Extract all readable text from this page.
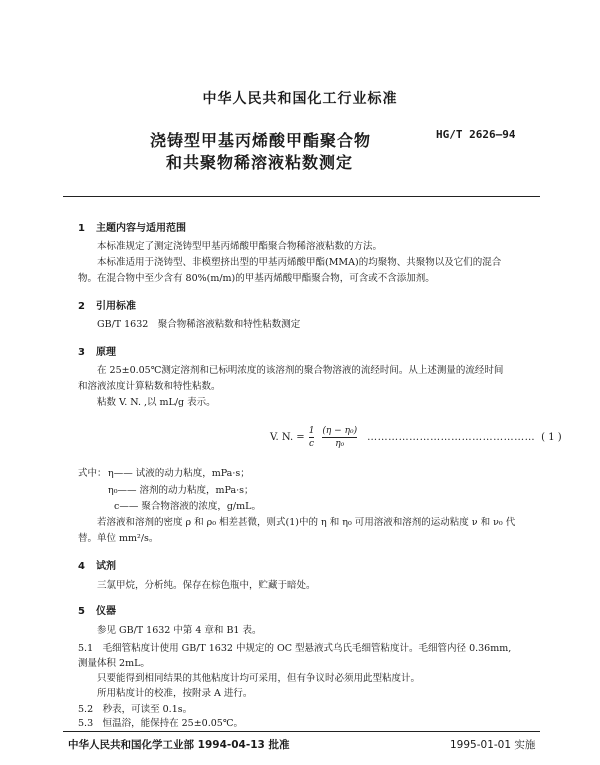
中华人民共和国化工行业标准
浇铸型甲基丙烯酸甲酯聚合物
和共聚物稀溶液粘数测定
HG/T 2626—94
1 主题内容与适用范围
本标准规定了测定浇铸型甲基丙烯酸甲酯聚合物稀溶液粘数的方法。
本标准适用于浇铸型、非模塑挤出型的甲基丙烯酸甲酯(MMA)的均聚物、共聚物以及它们的混合
物。在混合物中至少含有 80%(m/m)的甲基丙烯酸甲酯聚合物，可含或不含添加剂。
2 引用标准
GB/T 1632　聚合物稀溶液粘数和特性粘数测定
3 原理
在 25±0.05℃测定溶剂和已标明浓度的该溶剂的聚合物溶液的流经时间。从上述测量的流经时间
和溶液浓度计算粘数和特性粘数。
粘数 V. N. ,以 mL/g 表示。
V. N. = $\frac{1}{c} \frac{\text{(η − η₀)}}{\text{η₀}}$ ………………………………………… ( 1 )
式中： η—— 试液的动力粘度，mPa·s；
η₀—— 溶剂的动力粘度，mPa·s；
c—— 聚合物溶液的浓度，g/mL。
若溶液和溶剂的密度 ρ 和 ρ₀ 相差甚微，则式(1)中的 η 和 η₀ 可用溶液和溶剂的运动粘度 ν 和 ν₀ 代
替。单位 mm²/s。
4 试剂
三氯甲烷，分析纯。保存在棕色瓶中，贮藏于暗处。
5 仪器
参见 GB/T 1632 中第 4 章和 B1 表。
5.1　毛细管粘度计使用 GB/T 1632 中规定的 OC 型悬液式乌氏毛细管粘度计。毛细管内径 0.36mm,
测量体积 2mL。
只要能得到相同结果的其他粘度计均可采用，但有争议时必须用此型粘度计。
所用粘度计的校准，按附录 A 进行。
5.2　秒表，可读至 0.1s。
5.3　恒温浴，能保持在 25±0.05℃。
中华人民共和国化学工业部 1994-04-13 批准	1995-01-01 实施
